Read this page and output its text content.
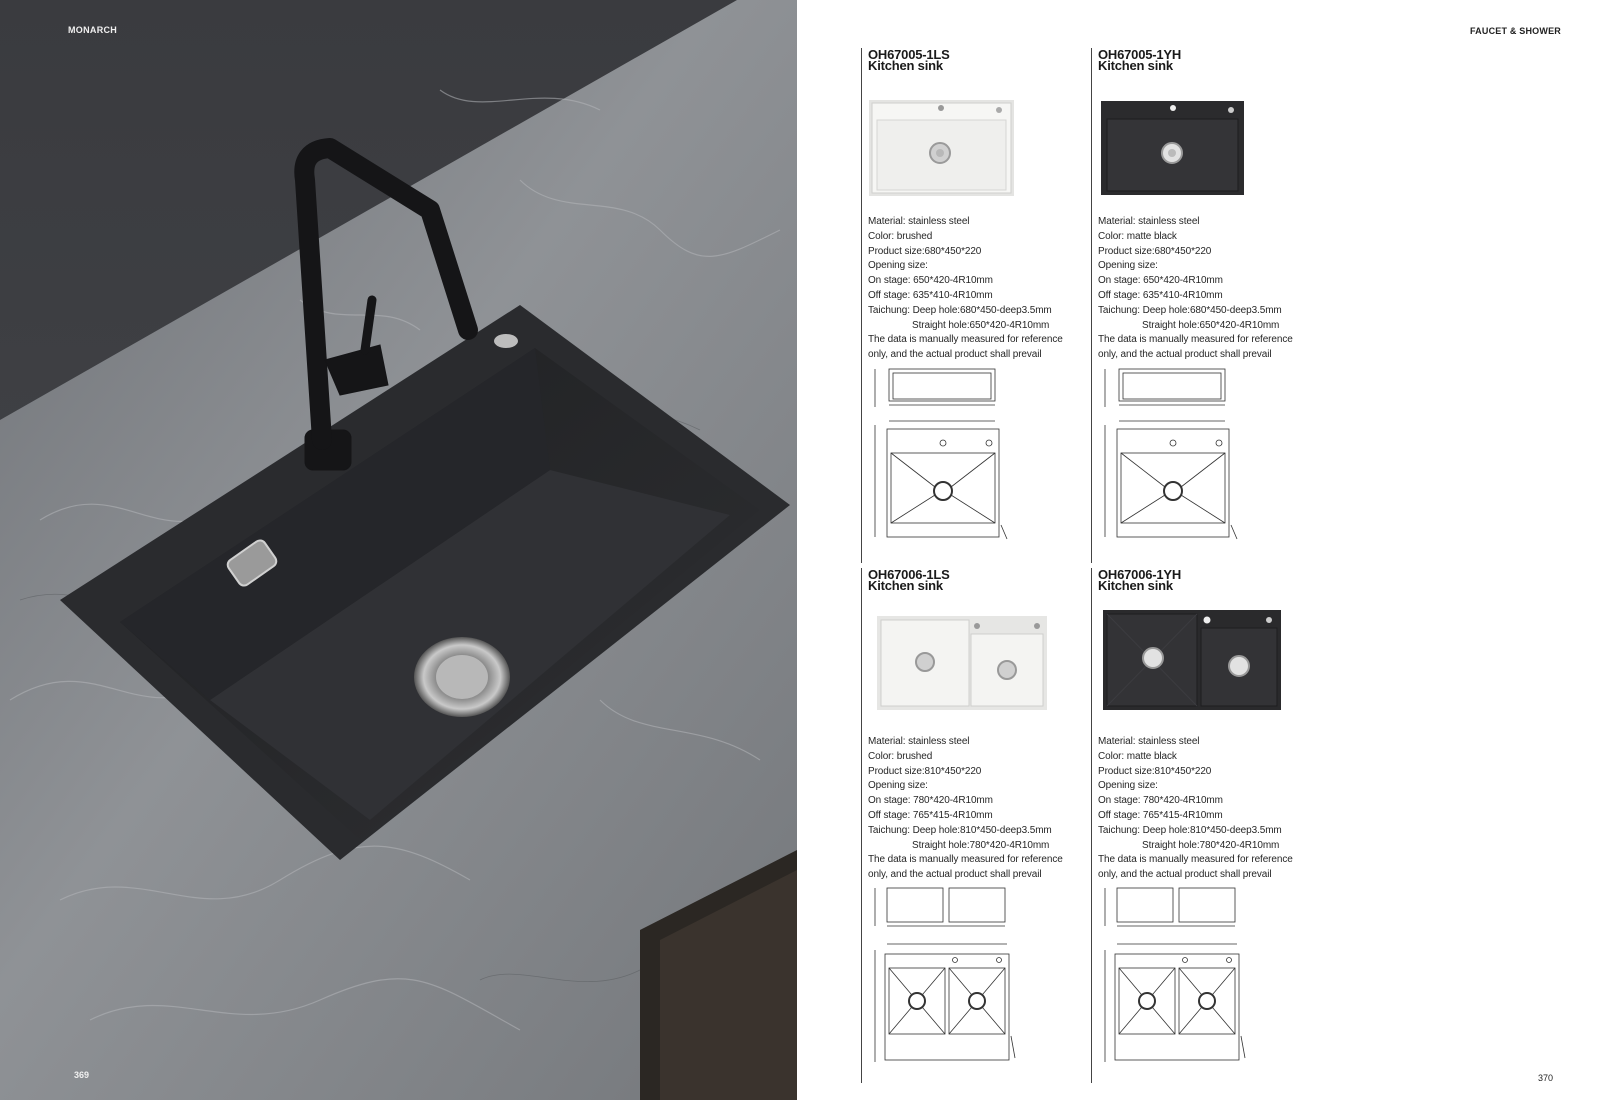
MONARCH
369
FAUCET & SHOWER
370
OH67005-1LS
Kitchen sink
Material: stainless steel
Color: brushed
Product size:680*450*220
Opening size:
On stage: 650*420-4R10mm
Off stage: 635*410-4R10mm
Taichung: Deep hole:680*450-deep3.5mm
Straight hole:650*420-4R10mm
The data is manually measured for reference
only, and the actual product shall prevail
OH67005-1YH
Kitchen sink
Material: stainless steel
Color: matte black
Product size:680*450*220
Opening size:
On stage: 650*420-4R10mm
Off stage: 635*410-4R10mm
Taichung: Deep hole:680*450-deep3.5mm
Straight hole:650*420-4R10mm
The data is manually measured for reference
only, and the actual product shall prevail
OH67006-1LS
Kitchen sink
Material: stainless steel
Color: brushed
Product size:810*450*220
Opening size:
On stage: 780*420-4R10mm
Off stage: 765*415-4R10mm
Taichung: Deep hole:810*450-deep3.5mm
Straight hole:780*420-4R10mm
The data is manually measured for reference
only, and the actual product shall prevail
OH67006-1YH
Kitchen sink
Material: stainless steel
Color: matte black
Product size:810*450*220
Opening size:
On stage: 780*420-4R10mm
Off stage: 765*415-4R10mm
Taichung: Deep hole:810*450-deep3.5mm
Straight hole:780*420-4R10mm
The data is manually measured for reference
only, and the actual product shall prevail
